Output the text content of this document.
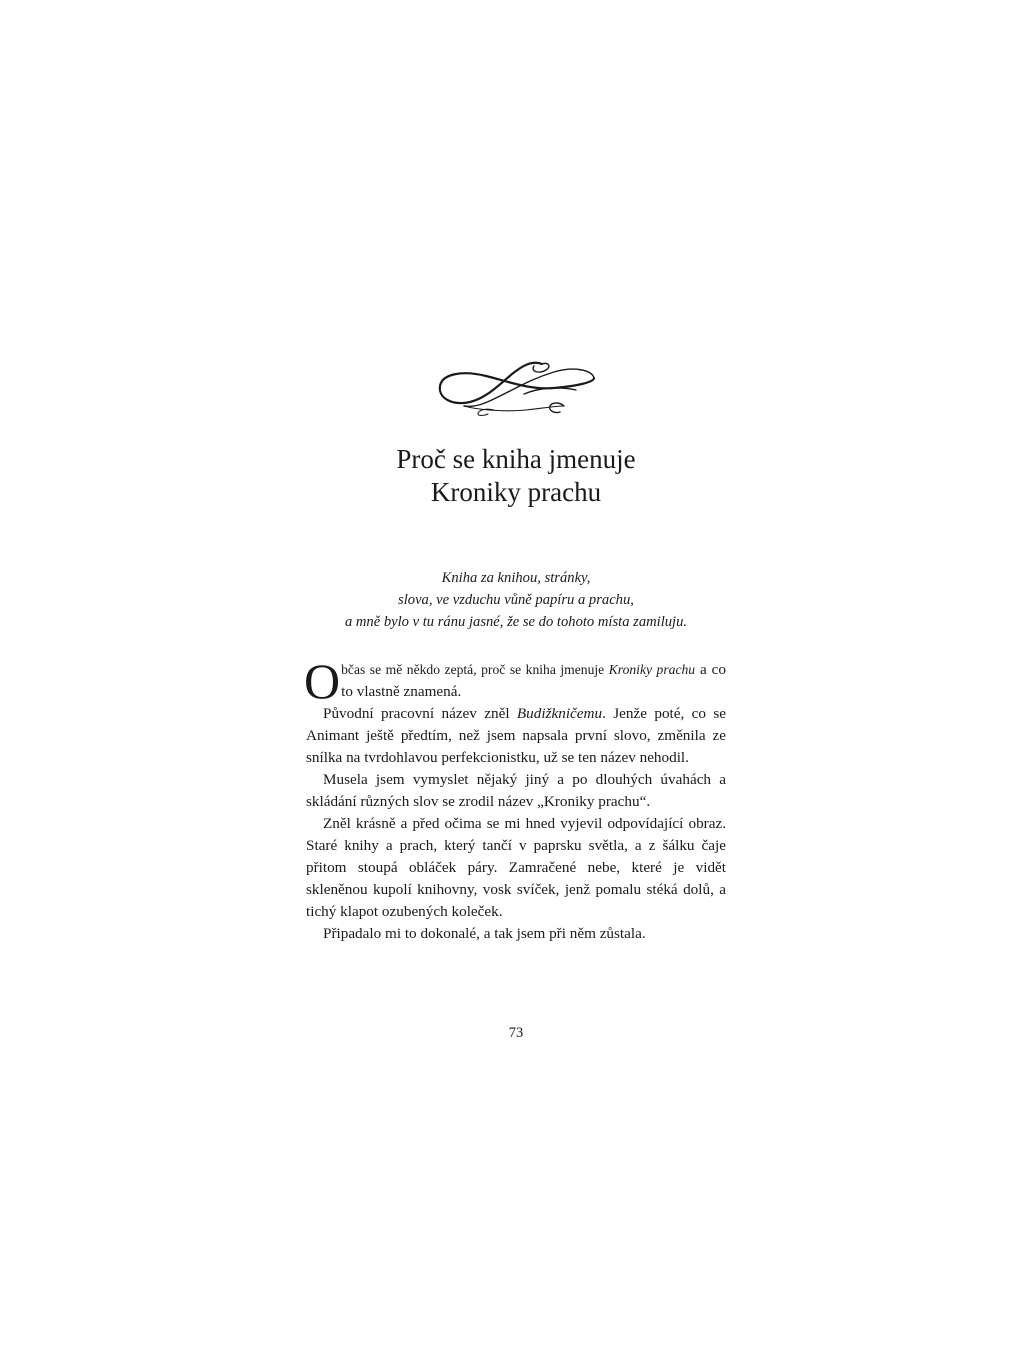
Proč se kniha jmenuje
Kroniky prachu
Kniha za knihou, stránky,
slova, ve vzduchu vůně papíru a prachu,
a mně bylo v tu ránu jasné, že se do tohoto místa zamiluju.

Občas se mě někdo zeptá, proč se kniha jmenuje Kroniky prachu a co to vlastně znamená.

Původní pracovní název zněl Budižkničemu. Jenže poté, co se Animant ještě předtím, než jsem napsala první slovo, změnila ze snílka na tvrdohlavou perfekcionistku, už se ten název nehodil.

Musela jsem vymyslet nějaký jiný a po dlouhých úvahách a skládání různých slov se zrodil název „Kroniky prachu“.

Zněl krásně a před očima se mi hned vyjevil odpovídající obraz. Staré knihy a prach, který tančí v paprsku světla, a z šálku čaje přitom stoupá obláček páry. Zamračené nebe, které je vidět skleněnou kupolí knihovny, vosk svíček, jenž pomalu stéká dolů, a tichý klapot ozubených koleček.

Připadalo mi to dokonalé, a tak jsem při něm zůstala.

73
